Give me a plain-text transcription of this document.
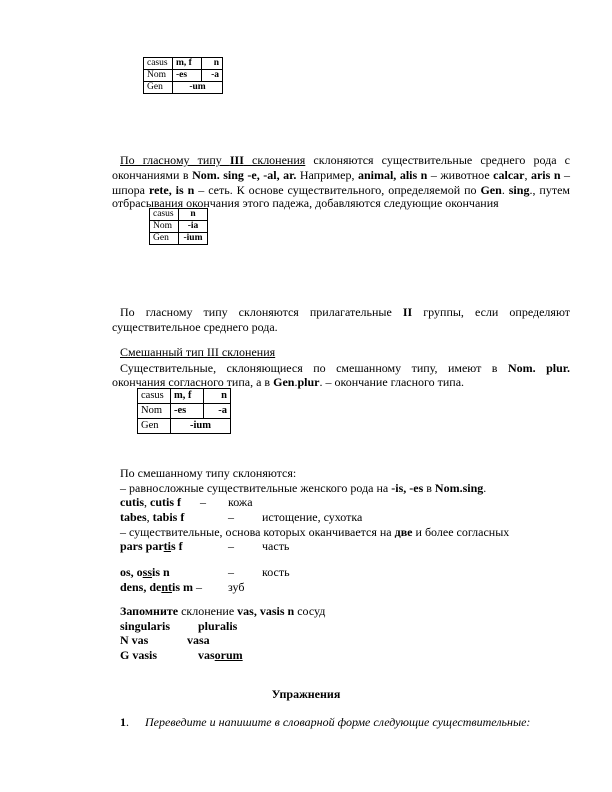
casus	m, f	n
Nom	-es	-a
Gen	-um	
По гласному типу III склонения склоняются существительные среднего рода с
окончаниями в Nom. sing -e, -al, ar. Например, animal, alis n – животное calcar, aris n –
шпора rete, is n – сеть. К основе существительного, определяемой по Gen. sing., путем
отбрасывания окончания этого падежа, добавляются следующие окончания
casus	n
Nom	-ia
Gen	-ium
По гласному типу склоняются прилагательные II группы, если определяют
существительное среднего рода.
Смешанный тип III склонения
Существительные, склоняющиеся по смешанному типу, имеют в Nom. plur.
окончания согласного типа, а в Gen.plur. – окончание гласного типа.
casus	m, f	n
Nom	-es	-a
Gen	-ium	
По смешанному типу склоняются:
– равносложные существительные женского рода на -is, -es в Nom.sing.
cutis, cutis f – кожа
tabes, tabis f	– истощение, сухотка
– существительные, основа которых оканчивается на две и более согласных
pars partis f	– часть
os, ossis n	– кость
dens, dentis m – зуб
Запомните склонение vas, vasis n сосуд
singularis pluralis
N vas	vasa
G vasis	vasorum
Упражнения
1. Переведите и напишите в словарной форме следующие существительные:
